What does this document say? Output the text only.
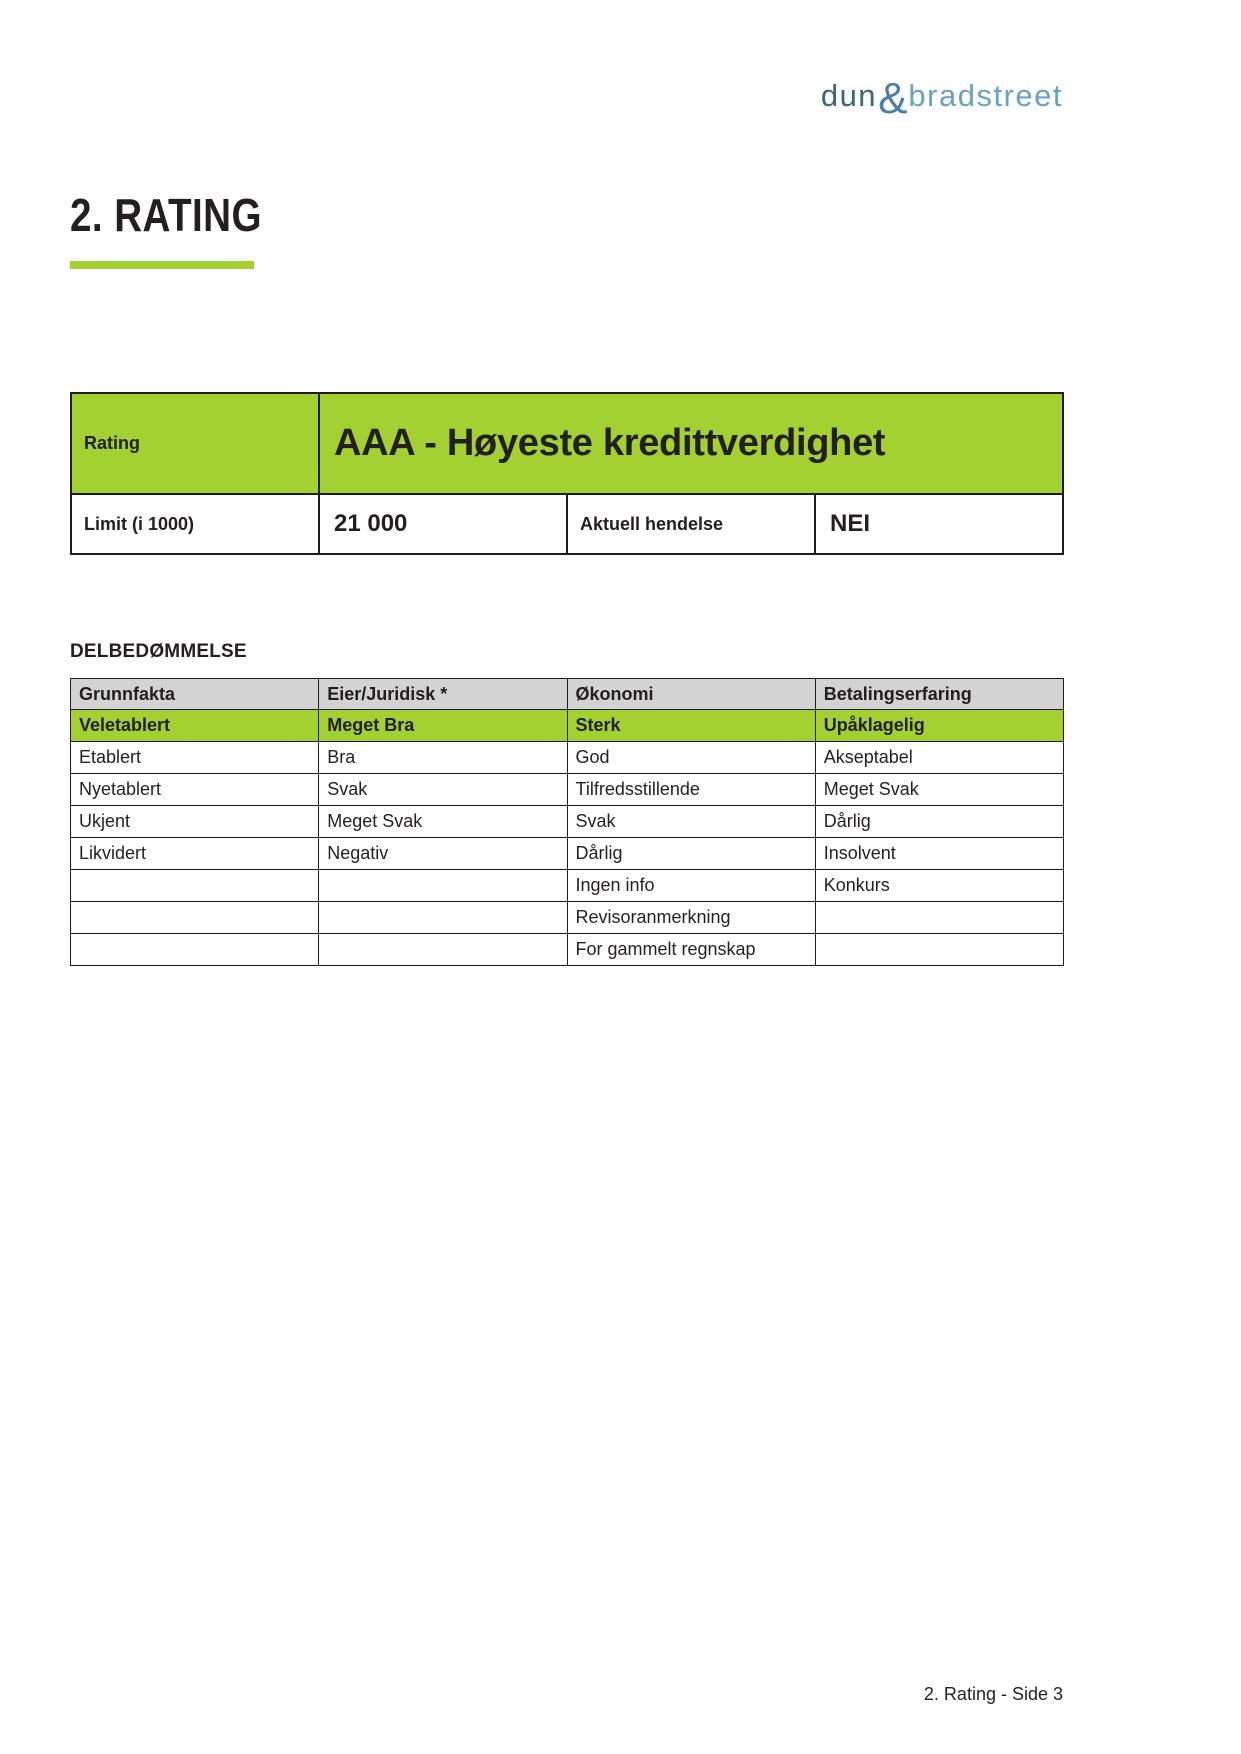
dun&bradstreet
2. RATING
Rating	AAA - Høyeste kredittverdighet		
Limit (i 1000)	21 000	Aktuell hendelse	NEI
DELBEDØMMELSE
Grunnfakta	Eier/Juridisk *	Økonomi	Betalingserfaring
Veletablert	Meget Bra	Sterk	Upåklagelig
Etablert	Bra	God	Akseptabel
Nyetablert	Svak	Tilfredsstillende	Meget Svak
Ukjent	Meget Svak	Svak	Dårlig
Likvidert	Negativ	Dårlig	Insolvent
		Ingen info	Konkurs
		Revisoranmerkning	
		For gammelt regnskap	
2. Rating - Side 3
